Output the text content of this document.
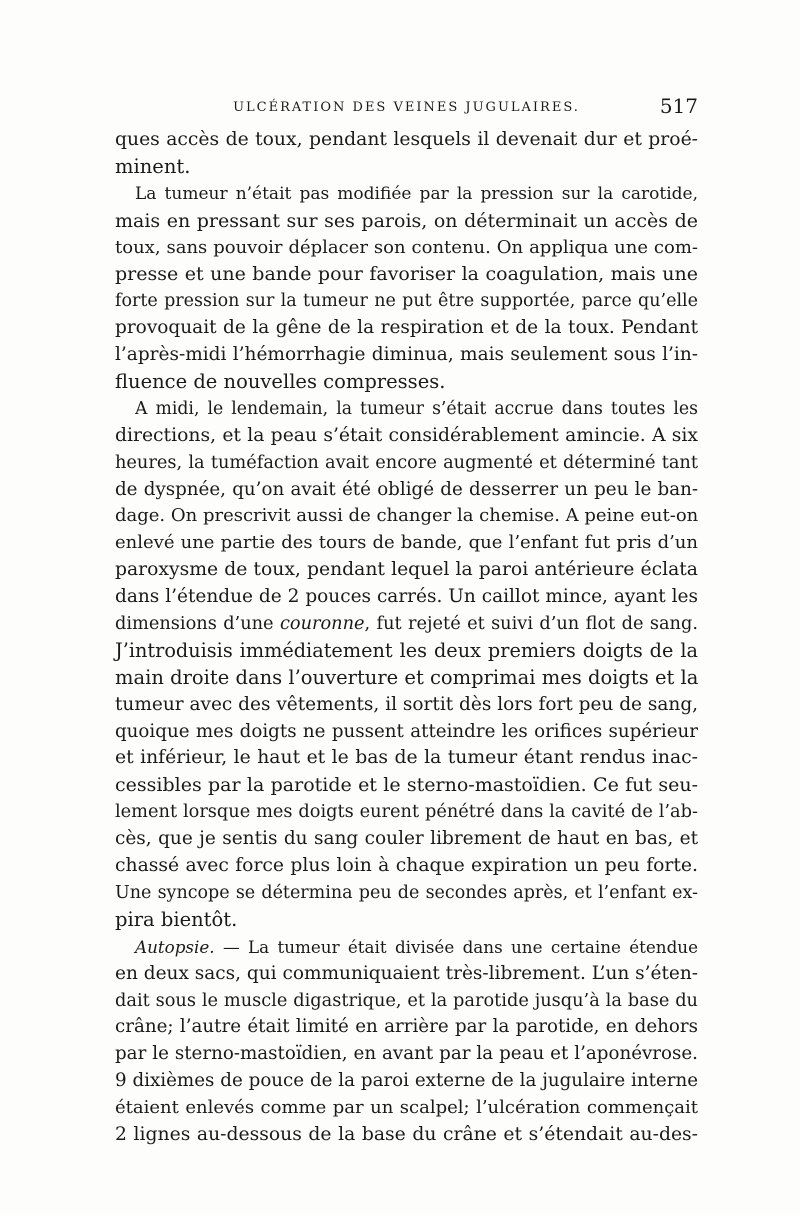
ULCÉRATION DES VEINES JUGULAIRES.	517
ques accès de toux, pendant lesquels il devenait dur et proé-
minent.
La tumeur n’était pas modifiée par la pression sur la carotide,
mais en pressant sur ses parois, on déterminait un accès de
toux, sans pouvoir déplacer son contenu. On appliqua une com-
presse et une bande pour favoriser la coagulation, mais une
forte pression sur la tumeur ne put être supportée, parce qu’elle
provoquait de la gêne de la respiration et de la toux. Pendant
l’après-midi l’hémorrhagie diminua, mais seulement sous l’in-
fluence de nouvelles compresses.
A midi, le lendemain, la tumeur s’était accrue dans toutes les
directions, et la peau s’était considérablement amincie. A six
heures, la tuméfaction avait encore augmenté et déterminé tant
de dyspnée, qu’on avait été obligé de desserrer un peu le ban-
dage. On prescrivit aussi de changer la chemise. A peine eut-on
enlevé une partie des tours de bande, que l’enfant fut pris d’un
paroxysme de toux, pendant lequel la paroi antérieure éclata
dans l’étendue de 2 pouces carrés. Un caillot mince, ayant les
dimensions d’une couronne, fut rejeté et suivi d’un flot de sang.
J’introduisis immédiatement les deux premiers doigts de la
main droite dans l’ouverture et comprimai mes doigts et la
tumeur avec des vêtements, il sortit dès lors fort peu de sang,
quoique mes doigts ne pussent atteindre les orifices supérieur
et inférieur, le haut et le bas de la tumeur étant rendus inac-
cessibles par la parotide et le sterno-mastoïdien. Ce fut seu-
lement lorsque mes doigts eurent pénétré dans la cavité de l’ab-
cès, que je sentis du sang couler librement de haut en bas, et
chassé avec force plus loin à chaque expiration un peu forte.
Une syncope se détermina peu de secondes après, et l’enfant ex-
pira bientôt.
Autopsie. — La tumeur était divisée dans une certaine étendue
en deux sacs, qui communiquaient très-librement. L’un s’éten-
dait sous le muscle digastrique, et la parotide jusqu’à la base du
crâne; l’autre était limité en arrière par la parotide, en dehors
par le sterno-mastoïdien, en avant par la peau et l’aponévrose.
9 dixièmes de pouce de la paroi externe de la jugulaire interne
étaient enlevés comme par un scalpel; l’ulcération commençait
2 lignes au-dessous de la base du crâne et s’étendait au-des-
